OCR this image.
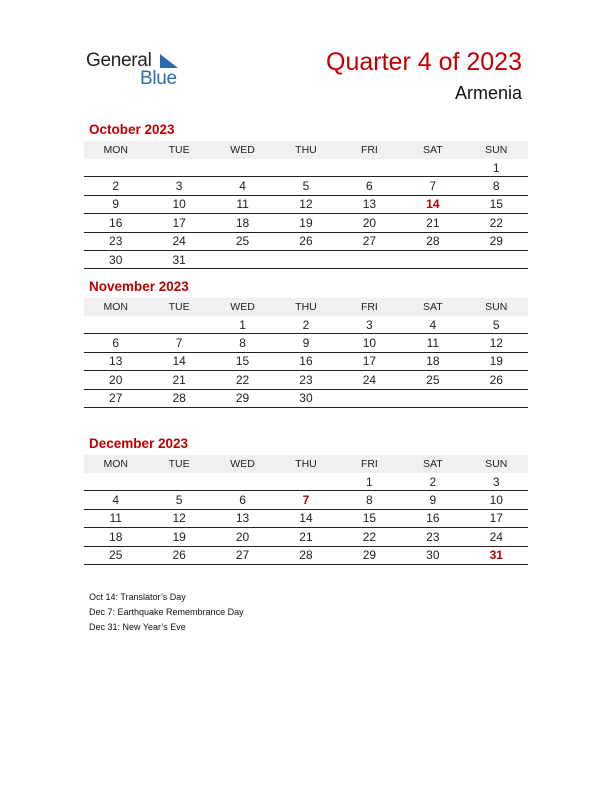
General
Blue
Quarter 4 of 2023
Armenia
October 2023
MON	TUE	WED	THU	FRI	SAT	SUN
						1
2	3	4	5	6	7	8
9	10	11	12	13	14	15
16	17	18	19	20	21	22
23	24	25	26	27	28	29
30	31					
November 2023
MON	TUE	WED	THU	FRI	SAT	SUN
		1	2	3	4	5
6	7	8	9	10	11	12
13	14	15	16	17	18	19
20	21	22	23	24	25	26
27	28	29	30			
December 2023
MON	TUE	WED	THU	FRI	SAT	SUN
				1	2	3
4	5	6	7	8	9	10
11	12	13	14	15	16	17
18	19	20	21	22	23	24
25	26	27	28	29	30	31
Oct 14: Translator’s Day
Dec 7: Earthquake Remembrance Day
Dec 31: New Year’s Eve
